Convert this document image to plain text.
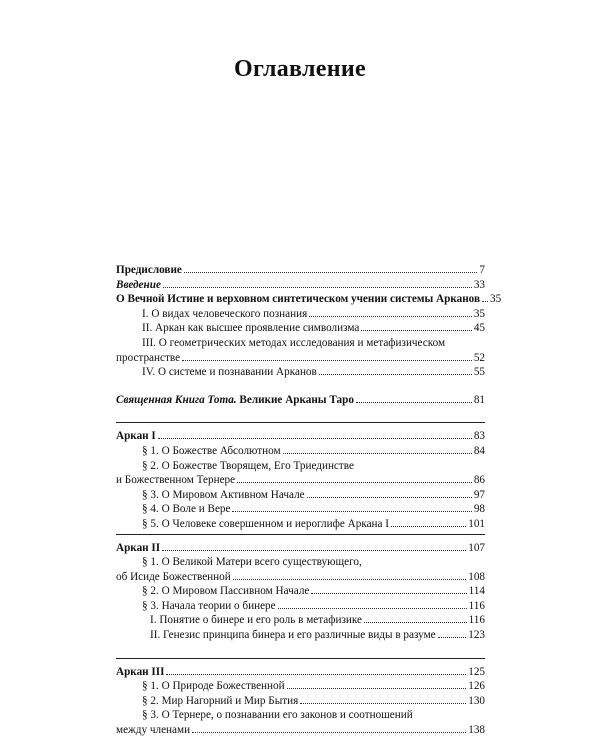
Оглавление
Предисловие	7
Введение	33
О Вечной Истине и верховном синтетическом учении системы Арканов 35
I. О видах человеческого познания	35
II. Аркан как высшее проявление символизма	45
III. О геометрических методах исследования и метафизическом
пространстве	52
IV. О системе и познавании Арканов	55
Священная Книга Тота. Великие Арканы Таро	81
Аркан I	83
§ 1. О Божестве Абсолютном	84
§ 2. О Божестве Творящем, Его Триединстве
и Божественном Тернере	86
§ 3. О Мировом Активном Начале	97
§ 4. О Воле и Вере	98
§ 5. О Человеке совершенном и иероглифе Аркана I	101
Аркан II	107
§ 1. О Великой Матери всего существующего,
об Исиде Божественной	108
§ 2. О Мировом Пассивном Начале	114
§ 3. Начала теории о бинере	116
I. Понятие о бинере и его роль в метафизике	116
II. Генезис принципа бинера и его различные виды в разуме	123
Аркан III	125
§ 1. О Природе Божественной	126
§ 2. Мир Нагорний и Мир Бытия	130
§ 3. О Тернере, о познавании его законов и соотношений
между членами	138
